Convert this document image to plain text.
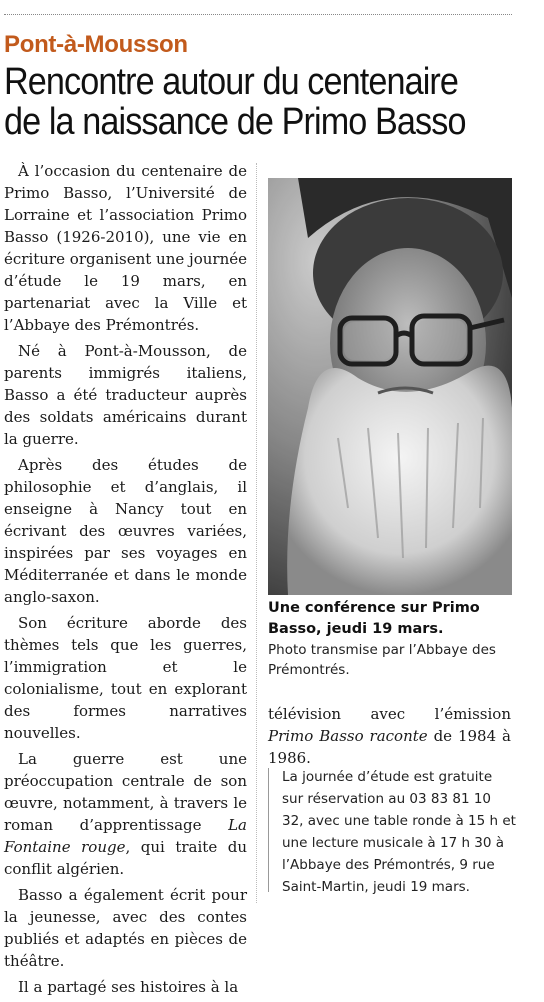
Pont-à-Mousson
Rencontre autour du centenaire
de la naissance de Primo Basso

À l’occasion du centenaire de Primo Basso, l’Université de Lorraine et l’association Primo Basso (1926-2010), une vie en écriture organisent une journée d’étude le 19 mars, en partenariat avec la Ville et l’Abbaye des Prémontrés.

Né à Pont-à-Mousson, de parents immigrés italiens, Basso a été traducteur auprès des soldats américains durant la guerre.

Après des études de philosophie et d’anglais, il enseigne à Nancy tout en écrivant des œuvres variées, inspirées par ses voyages en Méditerranée et dans le monde anglo-saxon.

Son écriture aborde des thèmes tels que les guerres, l’immigration et le colonialisme, tout en explorant des formes narratives nouvelles.

La guerre est une préoccupation centrale de son œuvre, notamment, à travers le roman d’apprentissage La Fontaine rouge, qui traite du conflit algérien.

Basso a également écrit pour la jeunesse, avec des contes publiés et adaptés en pièces de théâtre.

Il a partagé ses histoires à la

Une conférence sur Primo Basso, jeudi 19 mars.
Photo transmise par l’Abbaye des Prémontrés.

télévision avec l’émission Primo Basso raconte de 1984 à 1986.

La journée d’étude est gratuite sur réservation au 03 83 81 10 32, avec une table ronde à 15 h et une lecture musicale à 17 h 30 à l’Abbaye des Prémontrés, 9 rue Saint-Martin, jeudi 19 mars.
